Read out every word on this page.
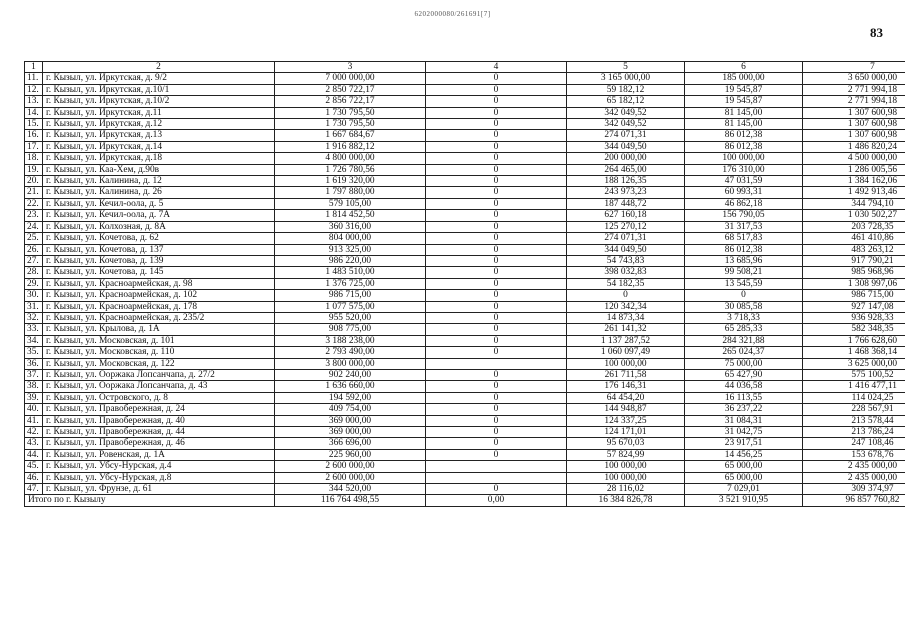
6202000080/261691[7]
83
1	2	3	4	5	6	7
11.	г. Кызыл, ул. Иркутская, д. 9/2	7 000 000,00	0	3 165 000,00	185 000,00	3 650 000,00
12.	г. Кызыл, ул. Иркутская, д.10/1	2 850 722,17	0	59 182,12	19 545,87	2 771 994,18
13.	г. Кызыл, ул. Иркутская, д.10/2	2 856 722,17	0	65 182,12	19 545,87	2 771 994,18
14.	г. Кызыл, ул. Иркутская, д.11	1 730 795,50	0	342 049,52	81 145,00	1 307 600,98
15.	г. Кызыл, ул. Иркутская, д.12	1 730 795,50	0	342 049,52	81 145,00	1 307 600,98
16.	г. Кызыл, ул. Иркутская, д.13	1 667 684,67	0	274 071,31	86 012,38	1 307 600,98
17.	г. Кызыл, ул. Иркутская, д.14	1 916 882,12	0	344 049,50	86 012,38	1 486 820,24
18.	г. Кызыл, ул. Иркутская, д.18	4 800 000,00	0	200 000,00	100 000,00	4 500 000,00
19.	г. Кызыл, ул. Каа-Хем, д.90в	1 726 780,56	0	264 465,00	176 310,00	1 286 005,56
20.	г. Кызыл, ул. Калинина, д. 12	1 619 320,00	0	188 126,35	47 031,59	1 384 162,06
21.	г. Кызыл, ул. Калинина, д. 26	1 797 880,00	0	243 973,23	60 993,31	1 492 913,46
22.	г. Кызыл, ул. Кечил-оола, д. 5	579 105,00	0	187 448,72	46 862,18	344 794,10
23.	г. Кызыл, ул. Кечил-оола, д. 7А	1 814 452,50	0	627 160,18	156 790,05	1 030 502,27
24.	г. Кызыл, ул. Колхозная, д. 8А	360 316,00	0	125 270,12	31 317,53	203 728,35
25.	г. Кызыл, ул. Кочетова, д. 62	804 000,00	0	274 071,31	68 517,83	461 410,86
26.	г. Кызыл, ул. Кочетова, д. 137	913 325,00	0	344 049,50	86 012,38	483 263,12
27.	г. Кызыл, ул. Кочетова, д. 139	986 220,00	0	54 743,83	13 685,96	917 790,21
28.	г. Кызыл, ул. Кочетова, д. 145	1 483 510,00	0	398 032,83	99 508,21	985 968,96
29.	г. Кызыл, ул. Красноармейская, д. 98	1 376 725,00	0	54 182,35	13 545,59	1 308 997,06
30.	г. Кызыл, ул. Красноармейская, д. 102	986 715,00	0	0	0	986 715,00
31.	г. Кызыл, ул. Красноармейская, д. 178	1 077 575,00	0	120 342,34	30 085,58	927 147,08
32.	г. Кызыл, ул. Красноармейская, д. 235/2	955 520,00	0	14 873,34	3 718,33	936 928,33
33.	г. Кызыл, ул. Крылова, д. 1А	908 775,00	0	261 141,32	65 285,33	582 348,35
34.	г. Кызыл, ул. Московская, д. 101	3 188 238,00	0	1 137 287,52	284 321,88	1 766 628,60
35.	г. Кызыл, ул. Московская, д. 110	2 793 490,00	0	1 060 097,49	265 024,37	1 468 368,14
36.	г. Кызыл, ул. Московская, д. 122	3 800 000,00		100 000,00	75 000,00	3 625 000,00
37.	г. Кызыл, ул. Ооржака Лопсанчапа, д. 27/2	902 240,00	0	261 711,58	65 427,90	575 100,52
38.	г. Кызыл, ул. Ооржака Лопсанчапа, д. 43	1 636 660,00	0	176 146,31	44 036,58	1 416 477,11
39.	г. Кызыл, ул. Островского, д. 8	194 592,00	0	64 454,20	16 113,55	114 024,25
40.	г. Кызыл, ул. Правобережная, д. 24	409 754,00	0	144 948,87	36 237,22	228 567,91
41.	г. Кызыл, ул. Правобережная, д. 40	369 000,00	0	124 337,25	31 084,31	213 578,44
42.	г. Кызыл, ул. Правобережная, д. 44	369 000,00	0	124 171,01	31 042,75	213 786,24
43.	г. Кызыл, ул. Правобережная, д. 46	366 696,00	0	95 670,03	23 917,51	247 108,46
44.	г. Кызыл, ул. Ровенская, д. 1А	225 960,00	0	57 824,99	14 456,25	153 678,76
45.	г. Кызыл, ул. Убсу-Нурская, д.4	2 600 000,00		100 000,00	65 000,00	2 435 000,00
46.	г. Кызыл, ул. Убсу-Нурская, д.8	2 600 000,00		100 000,00	65 000,00	2 435 000,00
47.	г. Кызыл, ул. Фрунзе, д. 61	344 520,00	0	28 116,02	7 029,01	309 374,97
Итого по г. Кызылу		116 764 498,55	0,00	16 384 826,78	3 521 910,95	96 857 760,82
